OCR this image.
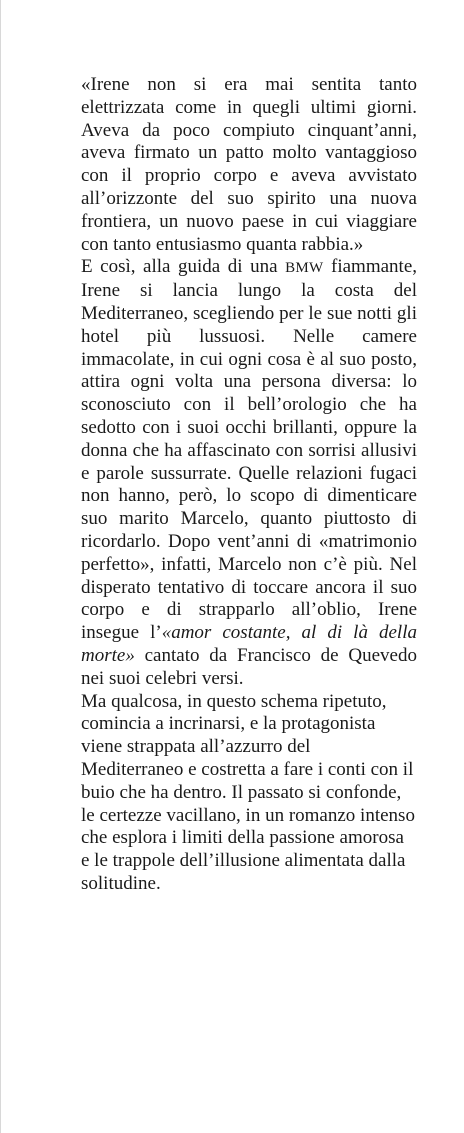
«Irene non si era mai sentita tanto elettrizzata come in quegli ultimi giorni. Aveva da poco compiuto cinquant’anni, aveva firmato un patto molto vantaggioso con il proprio corpo e aveva avvistato all’orizzonte del suo spirito una nuova frontiera, un nuovo paese in cui viaggiare con tanto entusiasmo quanta rabbia.»

E così, alla guida di una BMW fiammante, Irene si lancia lungo la costa del Mediterraneo, scegliendo per le sue notti gli hotel più lussuosi. Nelle camere immacolate, in cui ogni cosa è al suo posto, attira ogni volta una persona diversa: lo sconosciuto con il bell’orologio che ha sedotto con i suoi occhi brillanti, oppure la donna che ha affascinato con sorrisi allusivi e parole sussurrate. Quelle relazioni fugaci non hanno, però, lo scopo di dimenticare suo marito Marcelo, quanto piuttosto di ricordarlo. Dopo vent’anni di «matrimonio perfetto», infatti, Marcelo non c’è più. Nel disperato tentativo di toccare ancora il suo corpo e di strapparlo all’oblio, Irene insegue l’«amor costante, al di là della morte» cantato da Francisco de Quevedo nei suoi celebri versi.

Ma qualcosa, in questo schema ripetuto, comincia a incrinarsi, e la protagonista viene strappata all’azzurro del Mediterraneo e costretta a fare i conti con il buio che ha dentro. Il passato si confonde, le certezze vacillano, in un romanzo intenso che esplora i limiti della passione amorosa e le trappole dell’illusione alimentata dalla solitudine.
